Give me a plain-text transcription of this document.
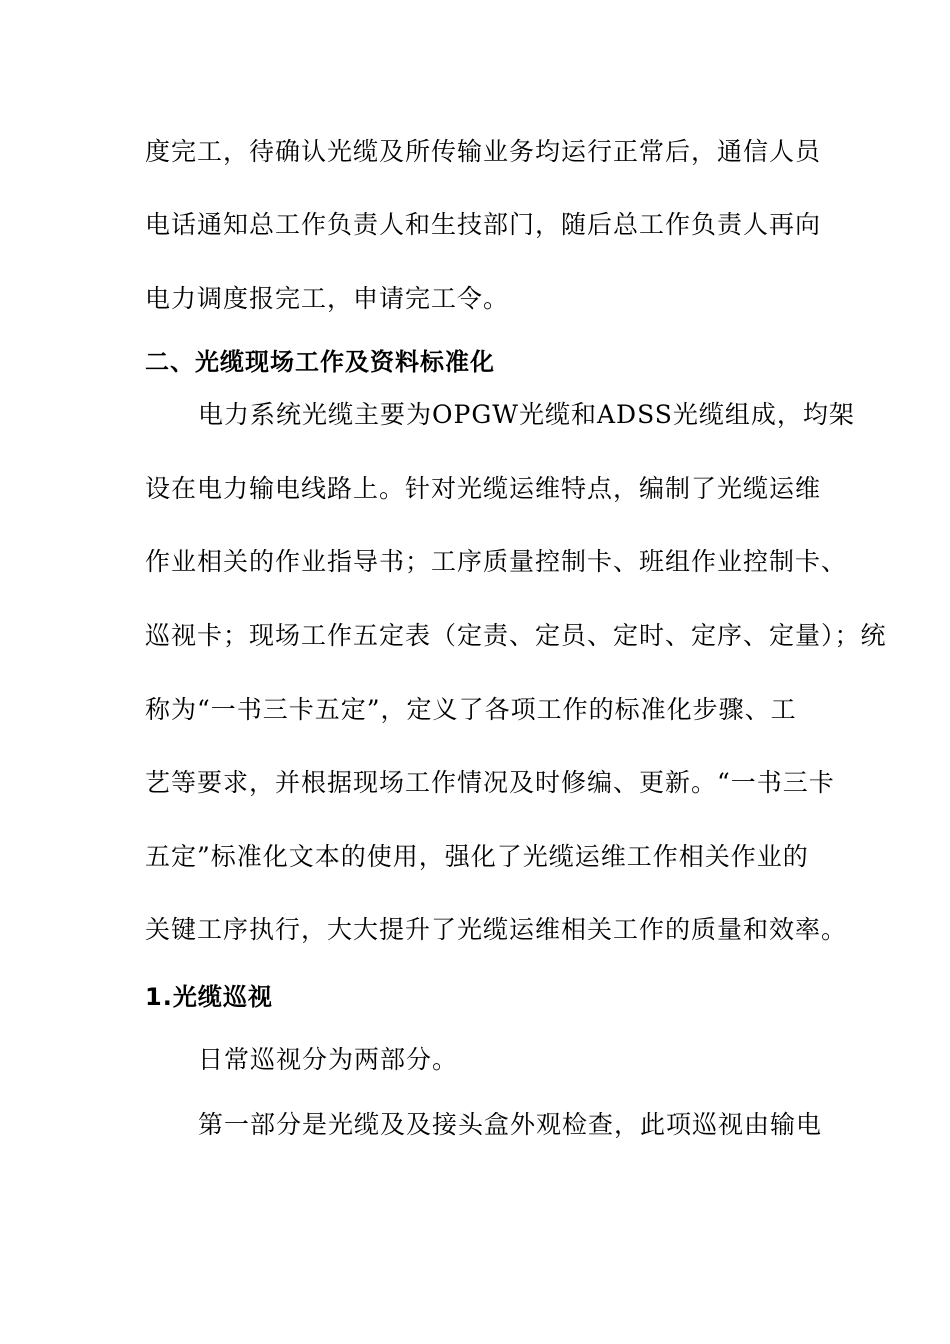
度完工，待确认光缆及所传输业务均运行正常后，通信人员
电话通知总工作负责人和生技部门，随后总工作负责人再向
电力调度报完工，申请完工令。
二、光缆现场工作及资料标准化
电力系统光缆主要为OPGW光缆和ADSS光缆组成，均架
设在电力输电线路上。针对光缆运维特点，编制了光缆运维
作业相关的作业指导书；工序质量控制卡、班组作业控制卡、
巡视卡；现场工作五定表（定责、定员、定时、定序、定量）；统
称为“一书三卡五定”，定义了各项工作的标准化步骤、工
艺等要求，并根据现场工作情况及时修编、更新。“一书三卡
五定”标准化文本的使用，强化了光缆运维工作相关作业的
关键工序执行，大大提升了光缆运维相关工作的质量和效率。
1.光缆巡视
日常巡视分为两部分。
第一部分是光缆及及接头盒外观检查，此项巡视由输电
